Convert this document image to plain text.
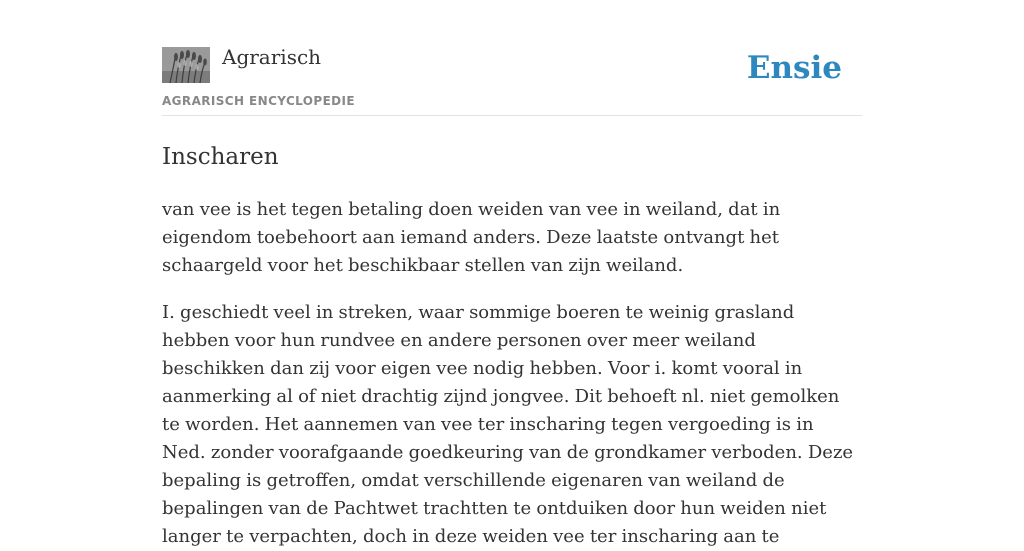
Agrarisch
AGRARISCH ENCYCLOPEDIE
Ensie
Inscharen

van vee is het tegen betaling doen weiden van vee in weiland, dat in eigendom toebehoort aan iemand anders. Deze laatste ontvangt het schaargeld voor het beschikbaar stellen van zijn weiland.

I. geschiedt veel in streken, waar sommige boeren te weinig grasland hebben voor hun rundvee en andere personen over meer weiland beschikken dan zij voor eigen vee nodig hebben. Voor i. komt vooral in aanmerking al of niet drachtig zijnd jongvee. Dit behoeft nl. niet gemolken te worden. Het aannemen van vee ter inscharing tegen vergoeding is in Ned. zonder voorafgaande goedkeuring van de grondkamer verboden. Deze bepaling is getroffen, omdat verschillende eigenaren van weiland de bepalingen van de Pachtwet trachtten te ontduiken door hun weiden niet langer te verpachten, doch in deze weiden vee ter inscharing aan te
